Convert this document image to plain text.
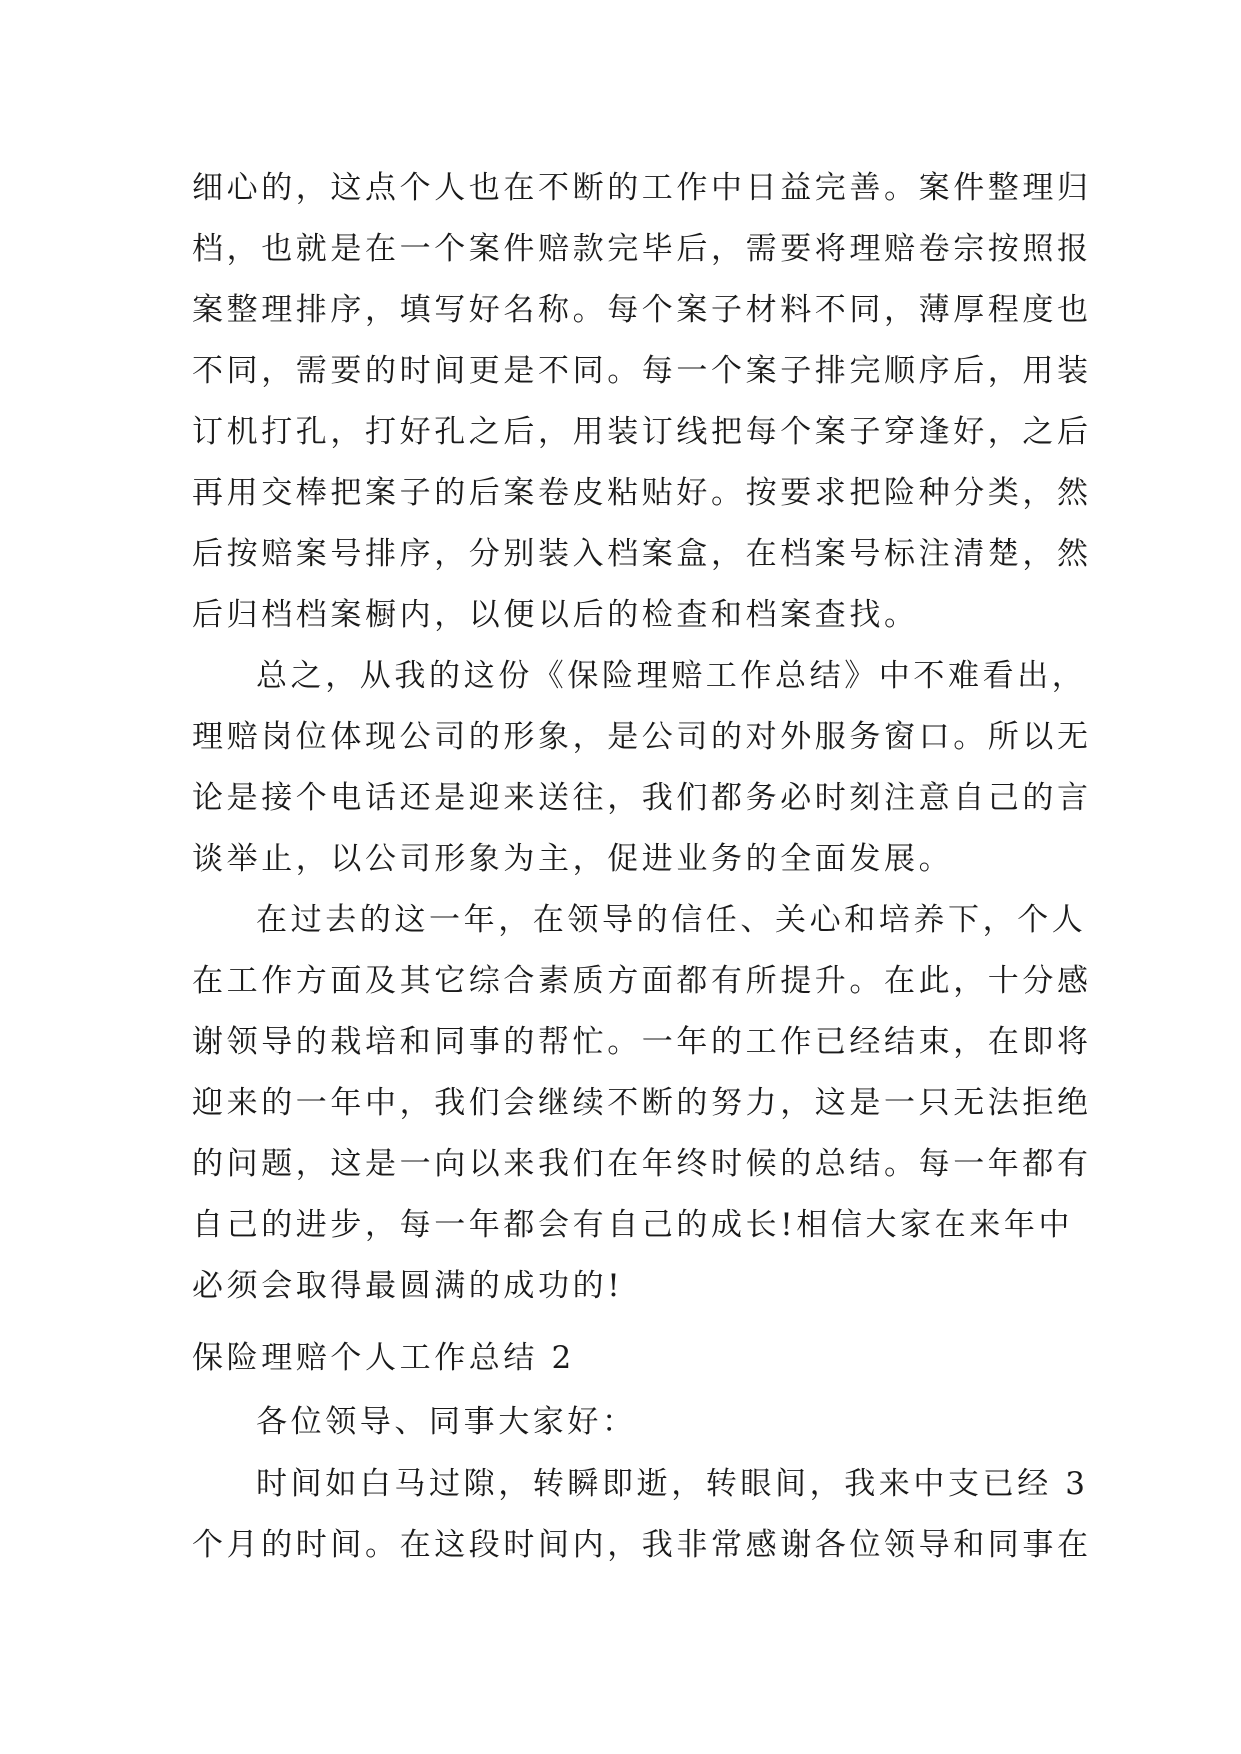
细心的，这点个人也在不断的工作中日益完善。案件整理归
档，也就是在一个案件赔款完毕后，需要将理赔卷宗按照报
案整理排序，填写好名称。每个案子材料不同，薄厚程度也
不同，需要的时间更是不同。每一个案子排完顺序后，用装
订机打孔，打好孔之后，用装订线把每个案子穿逢好，之后
再用交棒把案子的后案卷皮粘贴好。按要求把险种分类，然
后按赔案号排序，分别装入档案盒，在档案号标注清楚，然
后归档档案橱内，以便以后的检查和档案查找。
总之，从我的这份《保险理赔工作总结》中不难看出，
理赔岗位体现公司的形象，是公司的对外服务窗口。所以无
论是接个电话还是迎来送往，我们都务必时刻注意自己的言
谈举止，以公司形象为主，促进业务的全面发展。
在过去的这一年，在领导的信任、关心和培养下，个人
在工作方面及其它综合素质方面都有所提升。在此，十分感
谢领导的栽培和同事的帮忙。一年的工作已经结束，在即将
迎来的一年中，我们会继续不断的努力，这是一只无法拒绝
的问题，这是一向以来我们在年终时候的总结。每一年都有
自己的进步，每一年都会有自己的成长!相信大家在来年中
必须会取得最圆满的成功的!
保险理赔个人工作总结 2
各位领导、同事大家好：
时间如白马过隙，转瞬即逝，转眼间，我来中支已经 3
个月的时间。在这段时间内，我非常感谢各位领导和同事在
